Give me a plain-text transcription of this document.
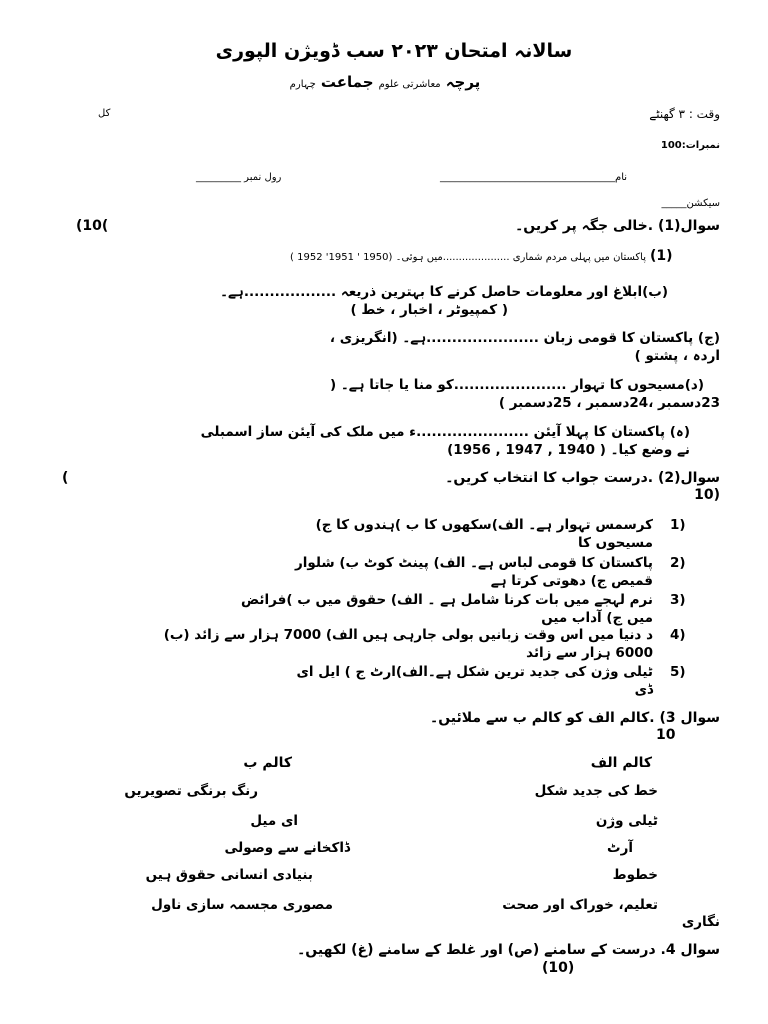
سالانہ امتحان ۲۰۲۳ سب ڈویژن الپوری
پرچہ معاشرتی علوم جماعت چہارم
وقت : ۳ گھنٹے
کل
نمبرات:100
نام___________________________________
رول نمبر _________
سیکشن_____
سوال(1) .خالی جگہ پر کریں۔
(10(
(1)
پاکستان میں پہلی مردم شماری .....................میں ہوئی۔ (1950 ' 1951' 1952 )
(ب)ابلاغ اور معلومات حاصل کرنے کا بہترین ذریعہ ..................ہے۔
( کمپیوٹر ، اخبار ، خط )
(ج) پاکستان کا قومی زبان ......................ہے۔ (انگریزی ،
اردہ ، پشتو )
(د)مسیحوں کا تہوار ......................کو منا یا جاتا ہے۔ (
23دسمبر ،24دسمبر ، 25دسمبر )
(ہ) پاکستان کا پہلا آیئن ......................ء میں ملک کی آیئن ساز اسمبلی
نے وضع کیا۔ ( 1940 , 1947 , 1956)
سوال(2) .درست جواب کا انتخاب کریں۔
(
10)
1)
کرسمس تہوار ہے۔ الف)سکھوں کا ب )ہندوں کا ج)
مسیحوں کا
2)
پاکستان کا قومی لباس ہے۔ الف) پینٹ کوٹ ب) شلوار
قمیص ج) دھوتی کرتا ہے
3)
نرم لہجے میں بات کرنا شامل ہے ۔ الف) حقوق میں ب )فرائض
میں ج) آداب میں
4)
د دنیا میں اس وقت زبانیں بولی جارہی ہیں الف) 7000 ہزار سے زائد (ب)
6000 ہزار سے زائد
5)
ٹیلی وژن کی جدید ترین شکل ہے۔الف)ارٹ ج ) ایل ای
ڈی
سوال 3) .کالم الف کو کالم ب سے ملائیں۔
10
کالم الف
کالم ب
خط کی جدید شکل
رنگ برنگی تصویریں
ٹیلی وژن
ای میل
آرٹ
ڈاکخانے سے وصولی
خطوط
بنیادی انسانی حقوق ہیں
تعلیم، خوراک اور صحت
مصوری مجسمہ سازی ناول
نگاری
سوال 4. درست کے سامنے (ص) اور غلط کے سامنے (غ) لکھیں۔
(10)
